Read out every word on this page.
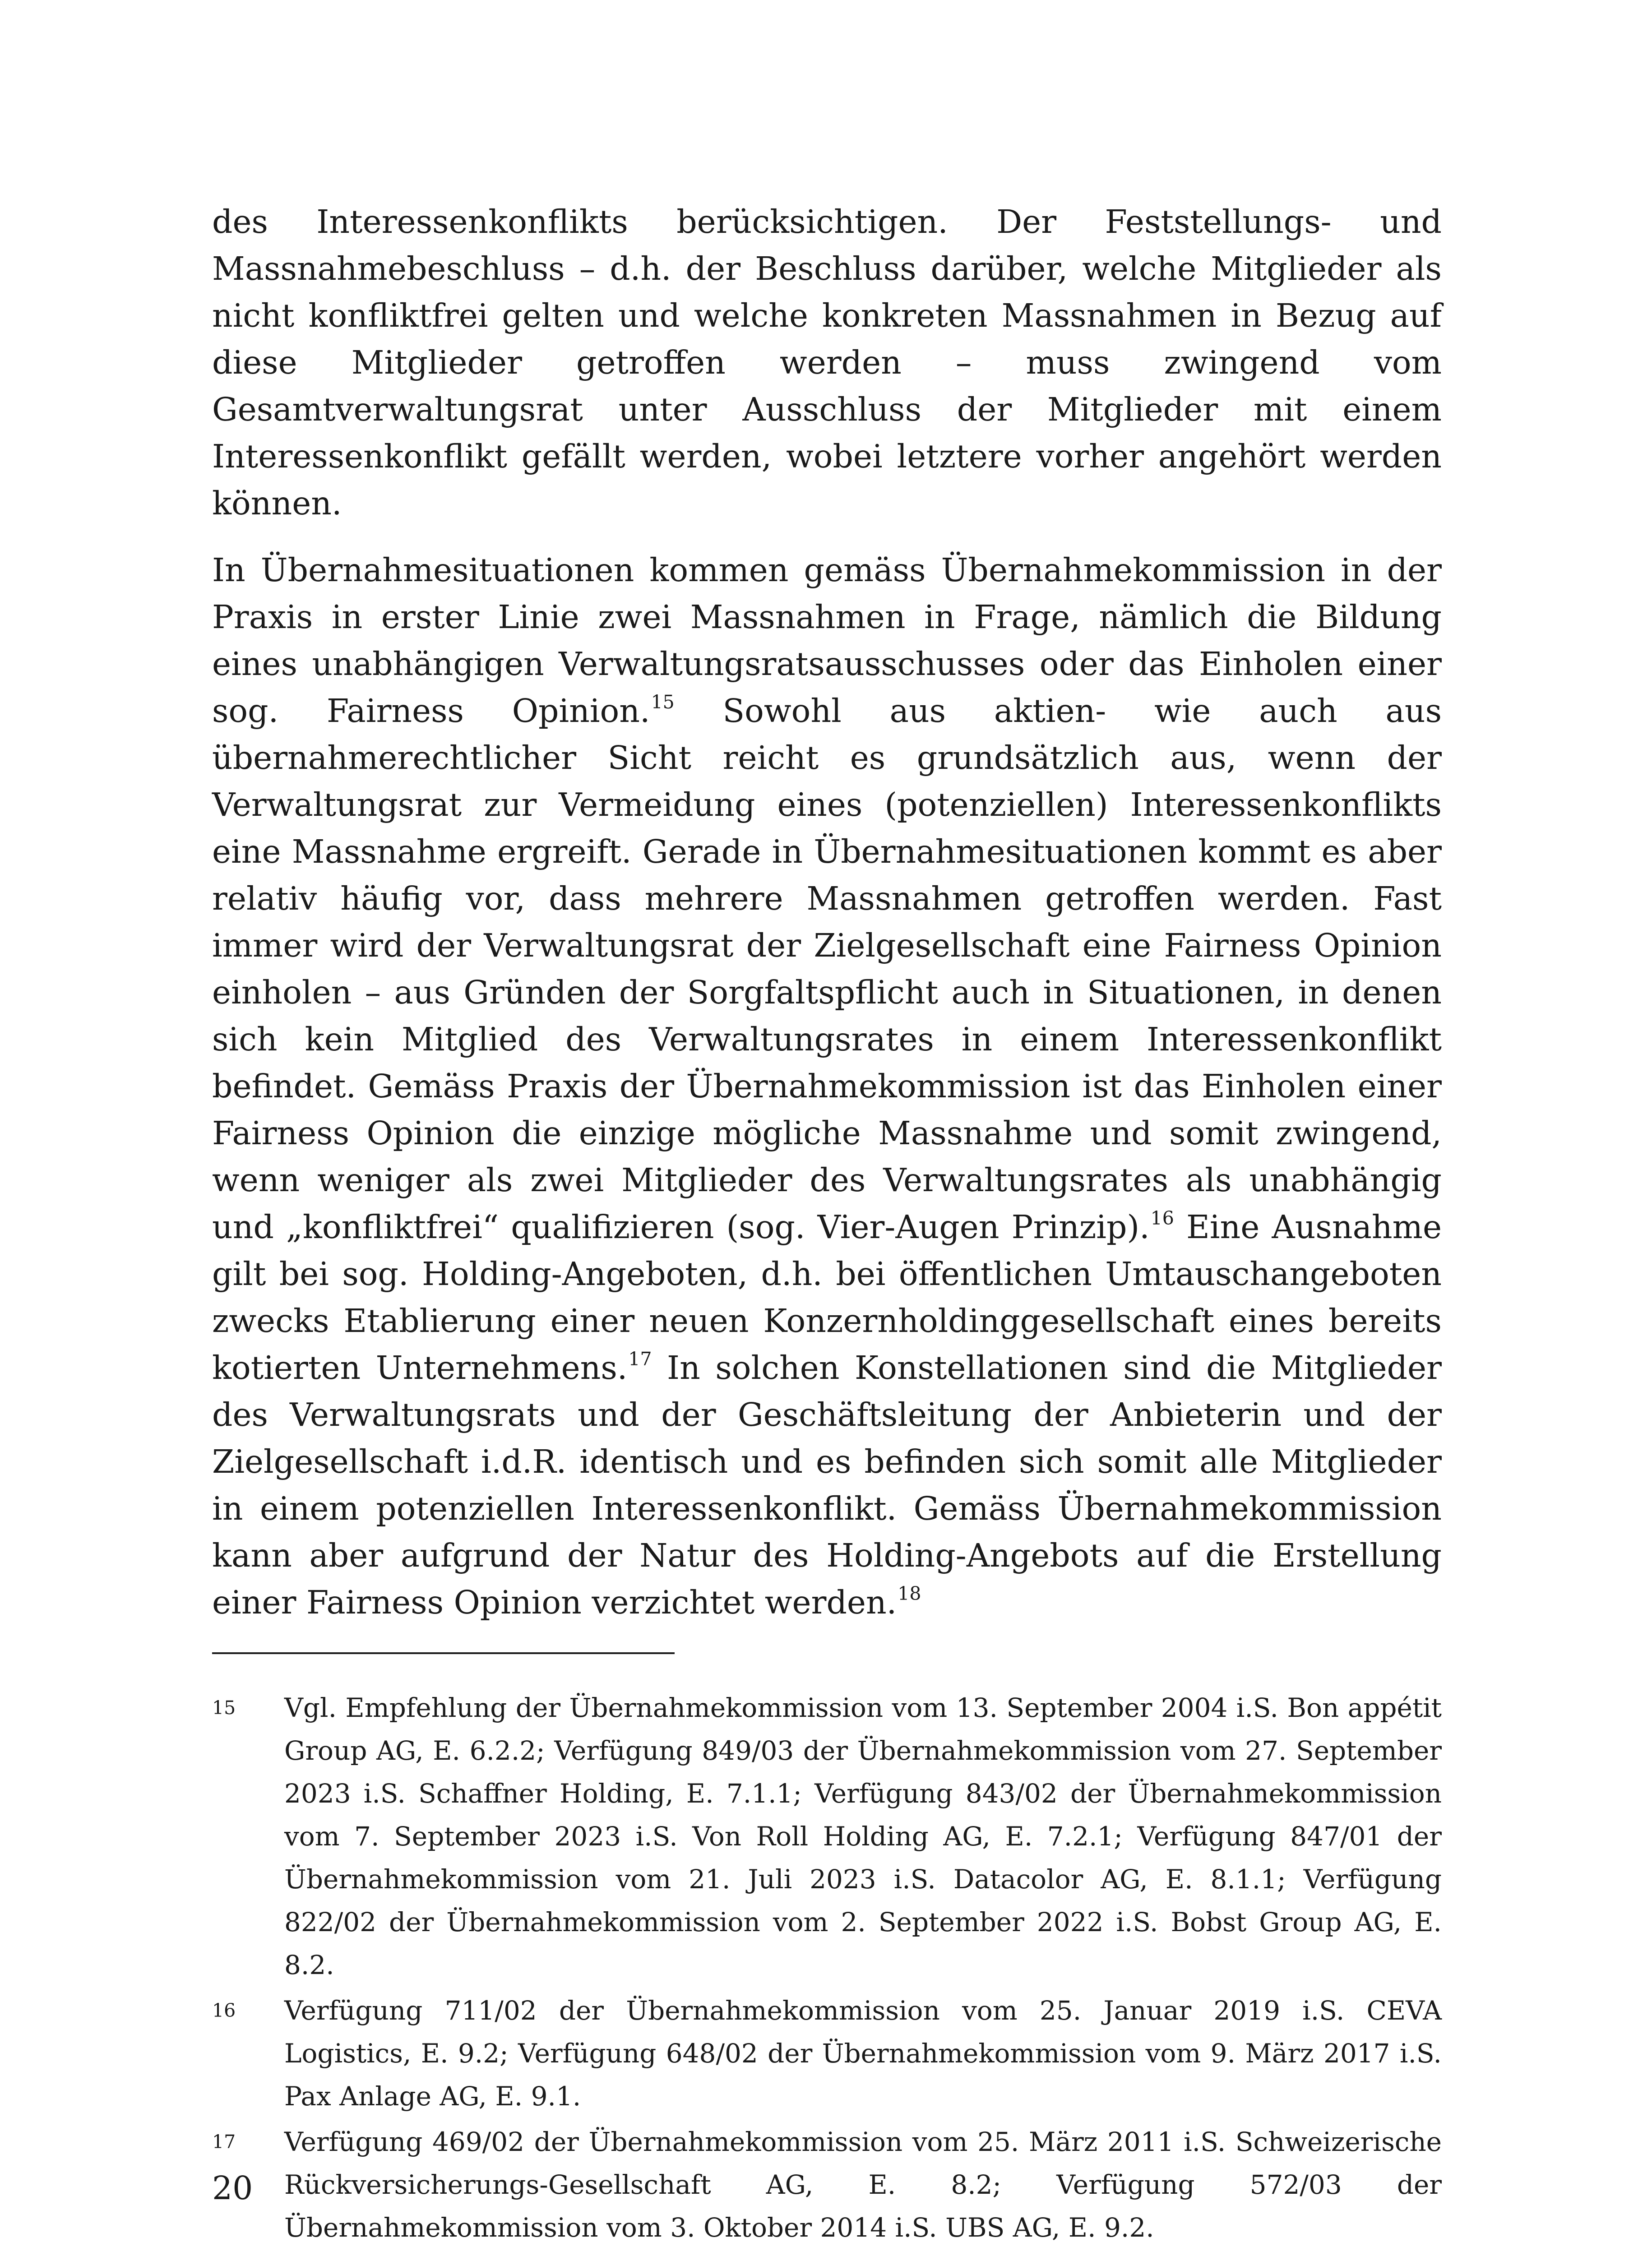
des Interessenkonflikts berücksichtigen. Der Feststellungs- und Massnahmebeschluss – d.h. der Beschluss darüber, welche Mitglieder als nicht konfliktfrei gelten und welche konkreten Massnahmen in Bezug auf diese Mitglieder getroffen werden – muss zwingend vom Gesamtverwaltungsrat unter Ausschluss der Mitglieder mit einem Interessenkonflikt gefällt werden, wobei letztere vorher angehört werden können.

In Übernahmesituationen kommen gemäss Übernahmekommission in der Praxis in erster Linie zwei Massnahmen in Frage, nämlich die Bildung eines unabhängigen Verwaltungsratsausschusses oder das Einholen einer sog. Fairness Opinion.$^{15}$ Sowohl aus aktien- wie auch aus übernahmerechtlicher Sicht reicht es grundsätzlich aus, wenn der Verwaltungsrat zur Vermeidung eines (potenziellen) Interessenkonflikts eine Massnahme ergreift. Gerade in Übernahmesituationen kommt es aber relativ häufig vor, dass mehrere Massnahmen getroffen werden. Fast immer wird der Verwaltungsrat der Zielgesellschaft eine Fairness Opinion einholen – aus Gründen der Sorgfaltspflicht auch in Situationen, in denen sich kein Mitglied des Verwaltungsrates in einem Interessenkonflikt befindet. Gemäss Praxis der Übernahmekommission ist das Einholen einer Fairness Opinion die einzige mögliche Massnahme und somit zwingend, wenn weniger als zwei Mitglieder des Verwaltungsrates als unabhängig und „konfliktfrei“ qualifizieren (sog. Vier-Augen Prinzip).$^{16}$ Eine Ausnahme gilt bei sog. Holding-Angeboten, d.h. bei öffentlichen Umtauschangeboten zwecks Etablierung einer neuen Konzernholdinggesellschaft eines bereits kotierten Unternehmens.$^{17}$ In solchen Konstellationen sind die Mitglieder des Verwaltungsrats und der Geschäftsleitung der Anbieterin und der Zielgesellschaft i.d.R. identisch und es befinden sich somit alle Mitglieder in einem potenziellen Interessenkonflikt. Gemäss Übernahmekommission kann aber aufgrund der Natur des Holding-Angebots auf die Erstellung einer Fairness Opinion verzichtet werden.$^{18}$

15	Vgl. Empfehlung der Übernahmekommission vom 13. September 2004 i.S. Bon appétit Group AG, E. 6.2.2; Verfügung 849/03 der Übernahmekommission vom 27. September 2023 i.S. Schaffner Holding, E. 7.1.1; Verfügung 843/02 der Übernahmekommission vom 7. September 2023 i.S. Von Roll Holding AG, E. 7.2.1; Verfügung 847/01 der Übernahmekommission vom 21. Juli 2023 i.S. Datacolor AG, E. 8.1.1; Verfügung 822/02 der Übernahmekommission vom 2. September 2022 i.S. Bobst Group AG, E. 8.2.
16	Verfügung 711/02 der Übernahmekommission vom 25. Januar 2019 i.S. CEVA Logistics, E. 9.2; Verfügung 648/02 der Übernahmekommission vom 9. März 2017 i.S. Pax Anlage AG, E. 9.1.
17	Verfügung 469/02 der Übernahmekommission vom 25. März 2011 i.S. Schweizerische Rückversicherungs-Gesellschaft AG, E. 8.2; Verfügung 572/03 der Übernahmekommission vom 3. Oktober 2014 i.S. UBS AG, E. 9.2.
20
